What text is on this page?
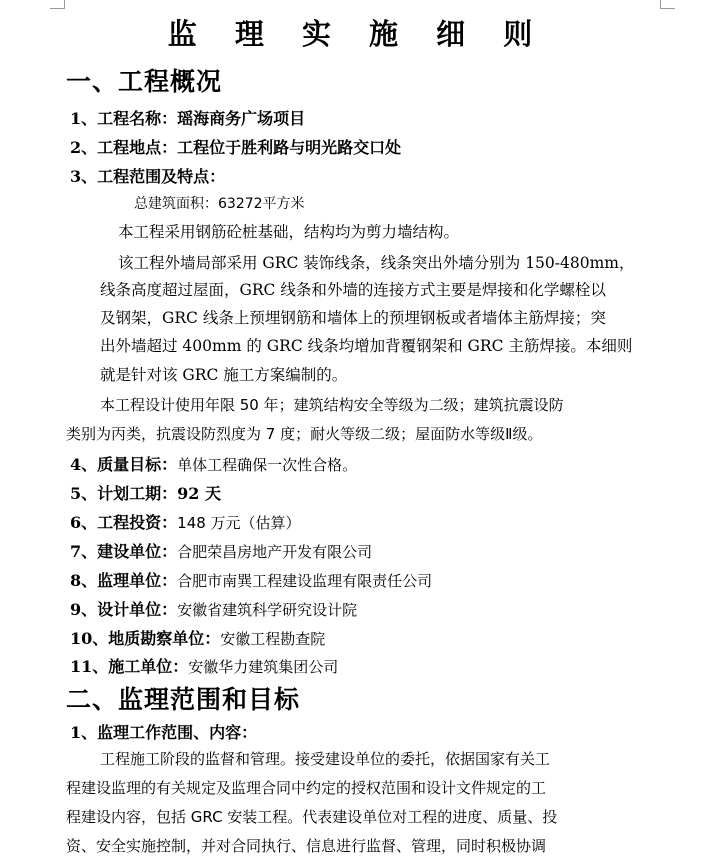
监 理 实 施 细 则
一、工程概况
1、工程名称：瑶海商务广场项目
2、工程地点：工程位于胜利路与明光路交口处
3、工程范围及特点：
总建筑面积：63272平方米
本工程采用钢筋砼桩基础，结构均为剪力墙结构。
该工程外墙局部采用 GRC 装饰线条，线条突出外墙分别为 150-480mm，
线条高度超过屋面，GRC 线条和外墙的连接方式主要是焊接和化学螺栓以
及钢架，GRC 线条上预埋钢筋和墙体上的预埋钢板或者墙体主筋焊接；突
出外墙超过 400mm 的 GRC 线条均增加背覆钢架和 GRC 主筋焊接。本细则
就是针对该 GRC 施工方案编制的。
本工程设计使用年限 50 年；建筑结构安全等级为二级；建筑抗震设防
类别为丙类，抗震设防烈度为 7 度；耐火等级二级；屋面防水等级Ⅱ级。
4、质量目标：单体工程确保一次性合格。
5、计划工期：92 天
6、工程投资：148 万元（估算）
7、建设单位：合肥荣昌房地产开发有限公司
8、监理单位：合肥市南巽工程建设监理有限责任公司
9、设计单位：安徽省建筑科学研究设计院
10、地质勘察单位：安徽工程勘查院
11、施工单位：安徽华力建筑集团公司
二、监理范围和目标
1、监理工作范围、内容：
工程施工阶段的监督和管理。接受建设单位的委托，依据国家有关工
程建设监理的有关规定及监理合同中约定的授权范围和设计文件规定的工
程建设内容，包括 GRC 安装工程。代表建设单位对工程的进度、质量、投
资、安全实施控制，并对合同执行、信息进行监督、管理，同时积极协调
